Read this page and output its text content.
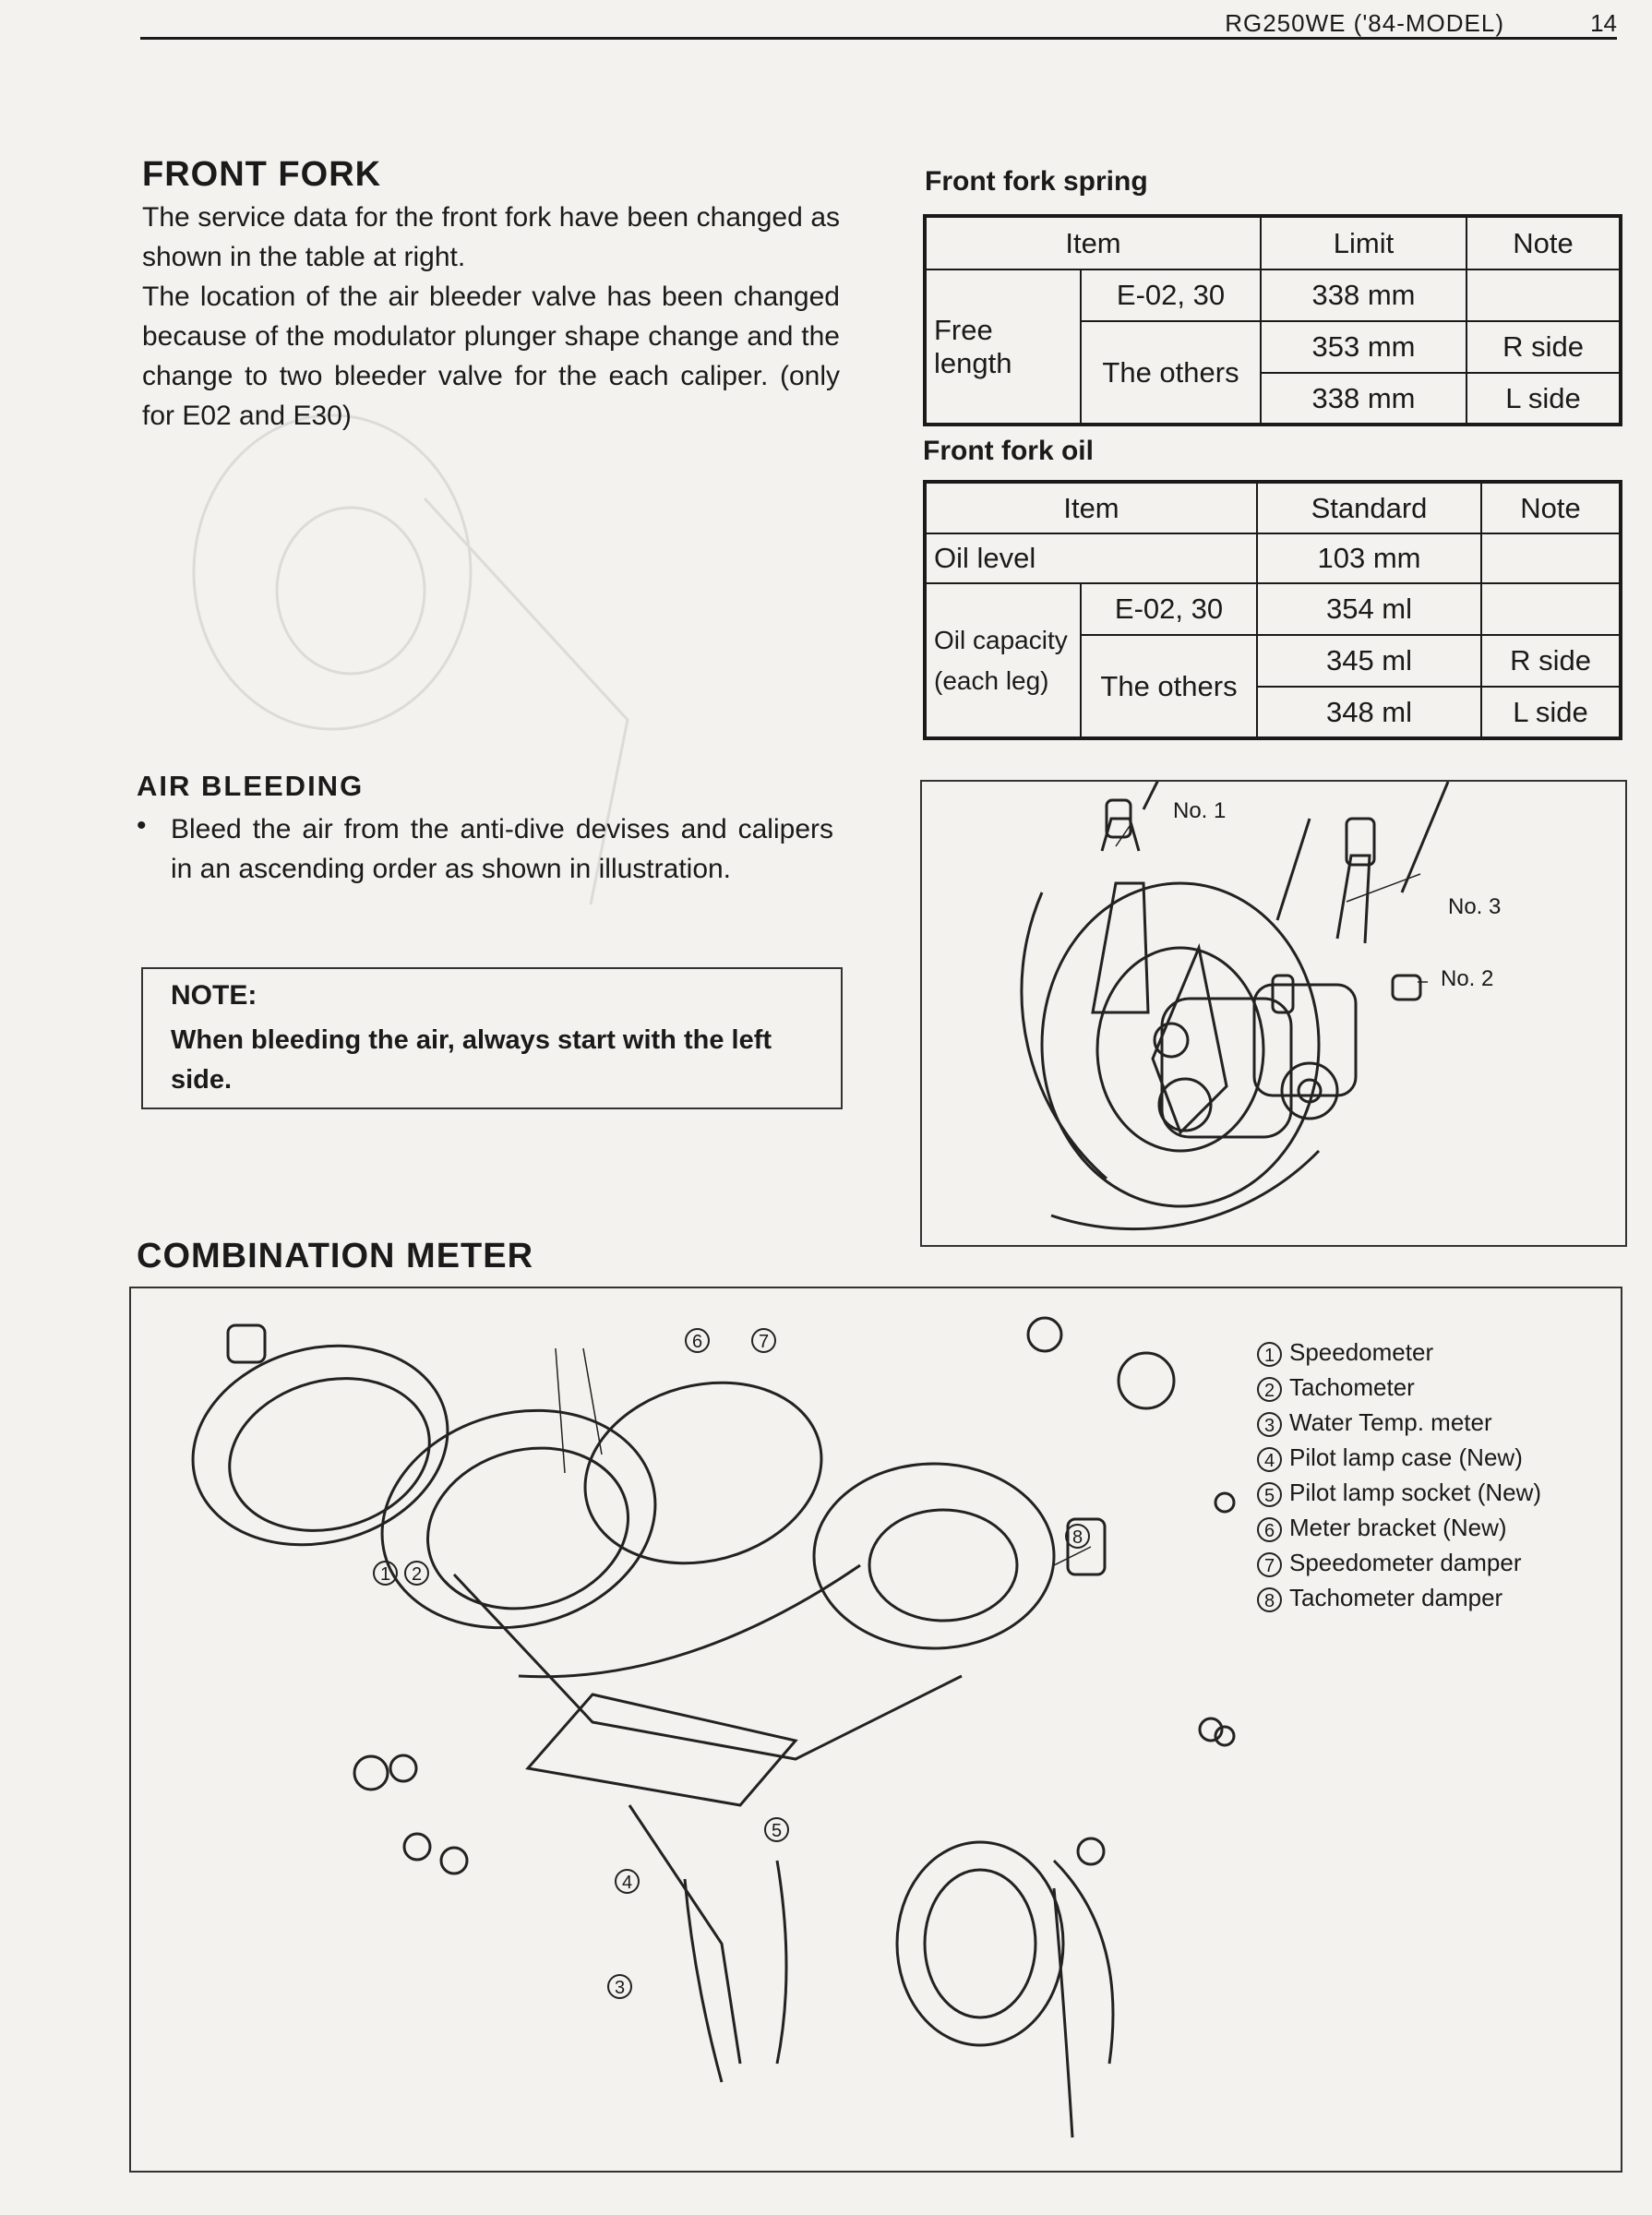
RG250WE ('84-MODEL)	14
FRONT FORK
The service data for the front fork have been changed as shown in the table at right.
The location of the air bleeder valve has been changed because of the modulator plunger shape change and the change to two bleeder valve for the each caliper. (only for E02 and E30)
Front fork spring
Item		Limit	Note
Free length	E-02, 30	338 mm	
	The others	353 mm	R side
		338 mm	L side
Front fork oil
Item		Standard	Note
Oil level		103 mm	
Oil capacity (each leg)	E-02, 30	354 ml	
	The others	345 ml	R side
		348 ml	L side
AIR BLEEDING
• Bleed the air from the anti-dive devises and calipers in an ascending order as shown in illustration.
NOTE:
When bleeding the air, always start with the left side.
No. 1
No. 3
No. 2
COMBINATION METER
1	2
3
4
5
6	7
8
1 Speedometer
2 Tachometer
3 Water Temp. meter
4 Pilot lamp case (New)
5 Pilot lamp socket (New)
6 Meter bracket (New)
7 Speedometer damper
8 Tachometer damper
